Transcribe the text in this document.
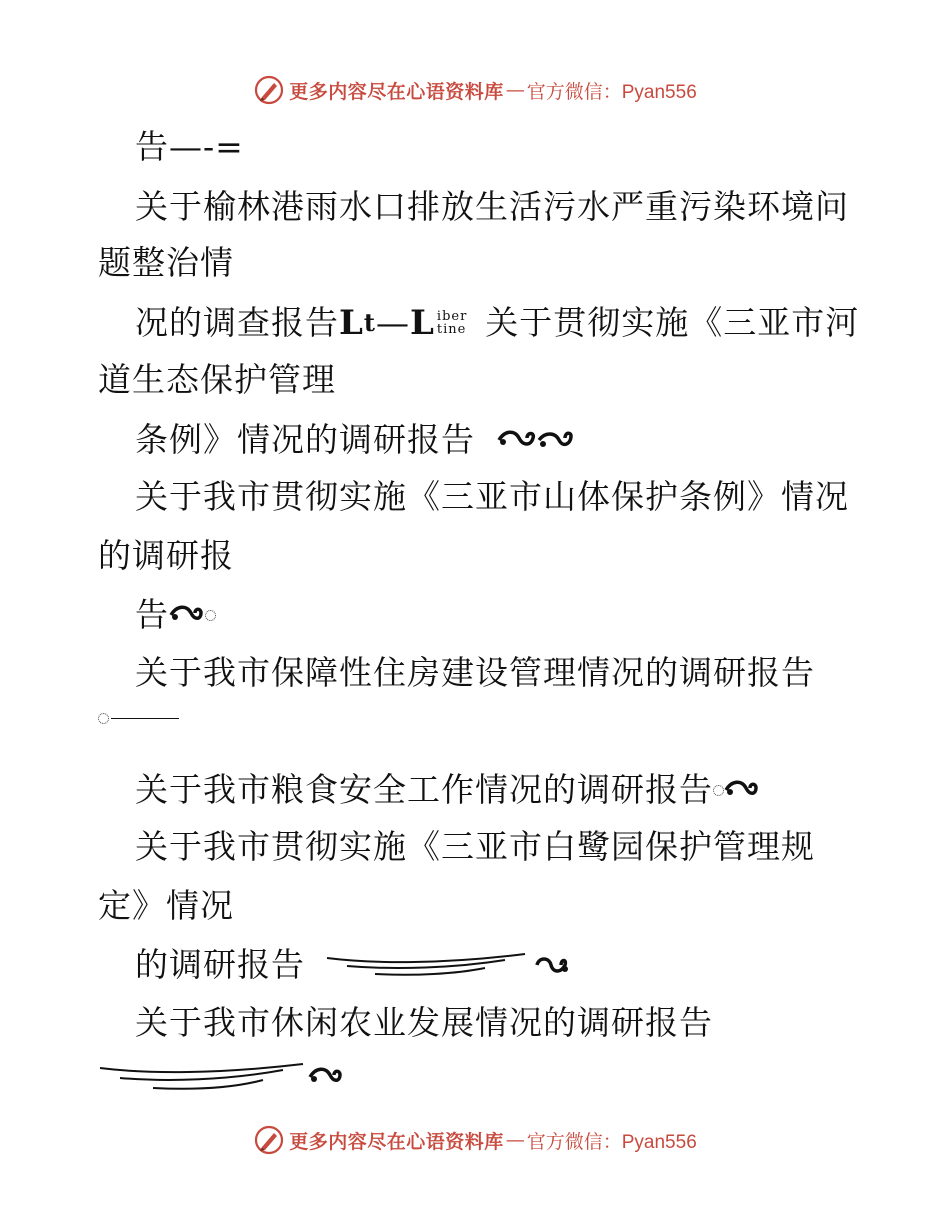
更多内容尽在心语资料库 — 官方微信：Pyan556
告—-=
关于榆林港雨水口排放生活污水严重污染环境问
题整治情
况的调查报告 L t — L iber
tine 关于贯彻实施《三亚市河
道生态保护管理
条例》情况的调研报告
关于我市贯彻实施《三亚市山体保护条例》情况
的调研报
告
关于我市保障性住房建设管理情况的调研报告
关于我市粮食安全工作情况的调研报告
关于我市贯彻实施《三亚市白鹭园保护管理规
定》情况
的调研报告
关于我市休闲农业发展情况的调研报告
更多内容尽在心语资料库 — 官方微信：Pyan556
